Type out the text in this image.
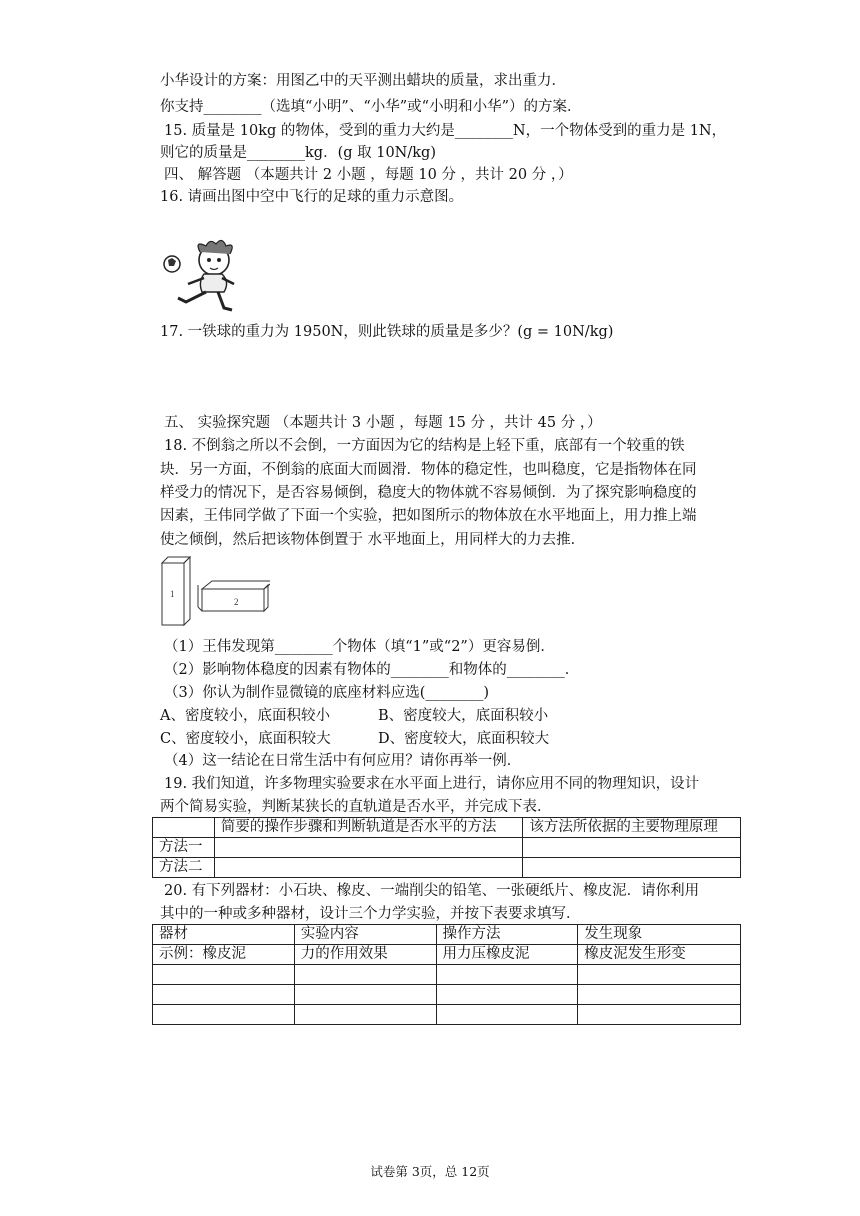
小华设计的方案：用图乙中的天平测出蜡块的质量，求出重力．
你支持________（选填“小明”、“小华”或“小明和小华”）的方案．
15. 质量是 10kg 的物体，受到的重力大约是________N，一个物体受到的重力是 1N，
则它的质量是________kg．(g 取 10N/kg)
四、 解答题 （本题共计 2 小题 ，每题 10 分 ，共计 20 分 ，）
16. 请画出图中空中飞行的足球的重力示意图。
17. 一铁球的重力为 1950N，则此铁球的质量是多少？(g = 10N/kg)
五、 实验探究题 （本题共计 3 小题 ，每题 15 分 ，共计 45 分 ，）
18. 不倒翁之所以不会倒，一方面因为它的结构是上轻下重，底部有一个较重的铁
块．另一方面，不倒翁的底面大而圆滑．物体的稳定性，也叫稳度，它是指物体在同
样受力的情况下，是否容易倾倒，稳度大的物体就不容易倾倒．为了探究影响稳度的
因素，王伟同学做了下面一个实验，把如图所示的物体放在水平地面上，用力推上端
使之倾倒，然后把该物体倒置于 水平地面上，用同样大的力去推．
1
2
（1）王伟发现第________个物体（填“1”或“2”）更容易倒．
（2）影响物体稳度的因素有物体的________和物体的________．
（3）你认为制作显微镜的底座材料应选(________)
A、密度较小，底面积较小	B、密度较大，底面积较小
C、密度较小，底面积较大	D、密度较大，底面积较大
（4）这一结论在日常生活中有何应用？请你再举一例．
19. 我们知道，许多物理实验要求在水平面上进行，请你应用不同的物理知识，设计
两个简易实验，判断某狭长的直轨道是否水平，并完成下表．
	简要的操作步骤和判断轨道是否水平的方法	该方法所依据的主要物理原理
方法一		
方法二		
20. 有下列器材：小石块、橡皮、一端削尖的铅笔、一张硬纸片、橡皮泥．请你利用
其中的一种或多种器材，设计三个力学实验，并按下表要求填写．
器材	实验内容	操作方法	发生现象
示例：橡皮泥	力的作用效果	用力压橡皮泥	橡皮泥发生形变

试卷第 3页，总 12页
